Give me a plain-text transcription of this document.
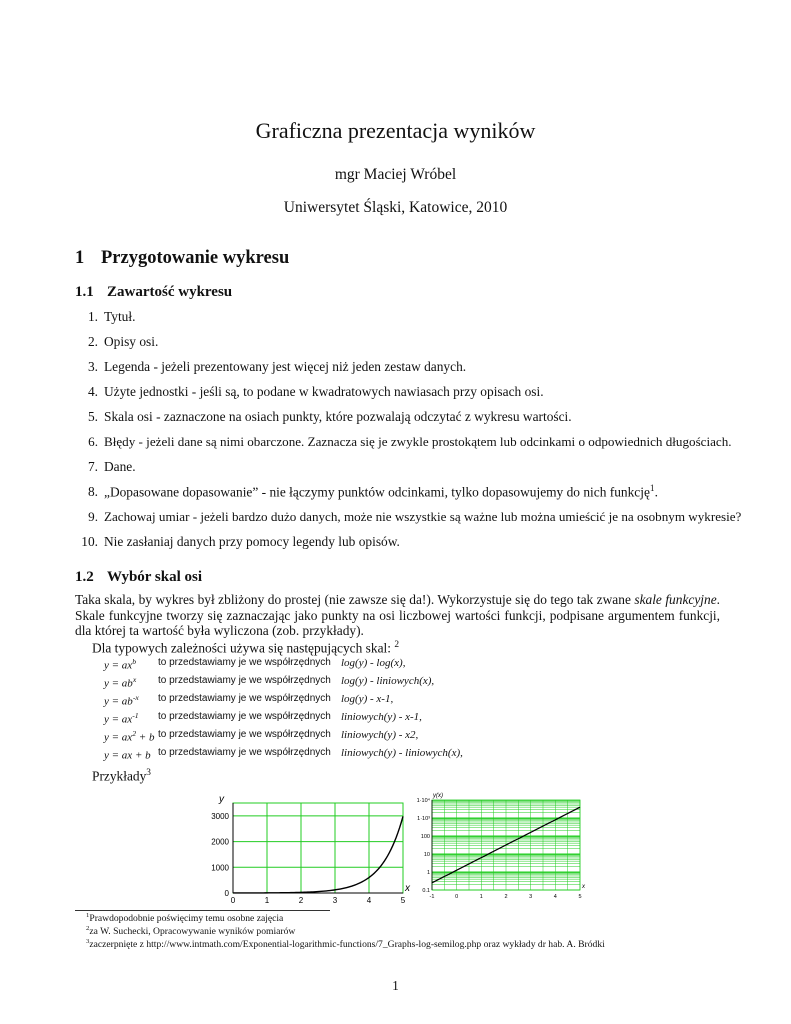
Graficzna prezentacja wyników
mgr Maciej Wróbel
Uniwersytet Śląski, Katowice, 2010
1 Przygotowanie wykresu
1.1 Zawartość wykresu
1. Tytuł.
2. Opisy osi.
3. Legenda - jeżeli prezentowany jest więcej niż jeden zestaw danych.
4. Użyte jednostki - jeśli są, to podane w kwadratowych nawiasach przy opisach osi.
5. Skala osi - zaznaczone na osiach punkty, które pozwalają odczytać z wykresu wartości.
6. Błędy - jeżeli dane są nimi obarczone. Zaznacza się je zwykle prostokątem lub odcinkami o odpowiednich długościach.
7. Dane.
8. „Dopasowane dopasowanie” - nie łączymy punktów odcinkami, tylko dopasowujemy do nich funkcję$^1$.
9. Zachowaj umiar - jeżeli bardzo dużo danych, może nie wszystkie są ważne lub można umieścić je na osobnym wykresie?
10. Nie zasłaniaj danych przy pomocy legendy lub opisów.
1.2 Wybór skal osi
Taka skala, by wykres był zbliżony do prostej (nie zawsze się da!). Wykorzystuje się do tego tak zwane skale funkcyjne. Skale funkcyjne tworzy się zaznaczając jako punkty na osi liczbowej wartości funkcji, podpisane argumentem funkcji, dla której ta wartość była wyliczona (zob. przykłady).
Dla typowych zależności używa się następujących skal: $^2$
$y = ax^b$ to przedstawiamy je we współrzędnych log(y) - log(x),
$y = ab^x$ to przedstawiamy je we współrzędnych log(y) - liniowych(x),
$y = ab^{-x}$ to przedstawiamy je we współrzędnych log(y) - x-1,
$y = ax^{-1}$ to przedstawiamy je we współrzędnych liniowych(y) - x-1,
$y = ax^2 + b$ to przedstawiamy je we współrzędnych liniowych(y) - x2,
y = ax + b to przedstawiamy je we współrzędnych liniowych(y) - liniowych(x),
Przykłady$^3$
0	1	2	3	4	5
0
1000
2000
3000
x
y
-1	0	1	2	3	4	5
0.1
1
10
100
1·10³
1·10⁴
x
y(x)
$^1$Prawdopodobnie poświęcimy temu osobne zajęcia
$^2$za W. Suchecki, Opracowywanie wyników pomiarów
$^3$zaczerpnięte z http://www.intmath.com/Exponential-logarithmic-functions/7_Graphs-log-semilog.php oraz wykłady dr hab. A. Bródki
1
